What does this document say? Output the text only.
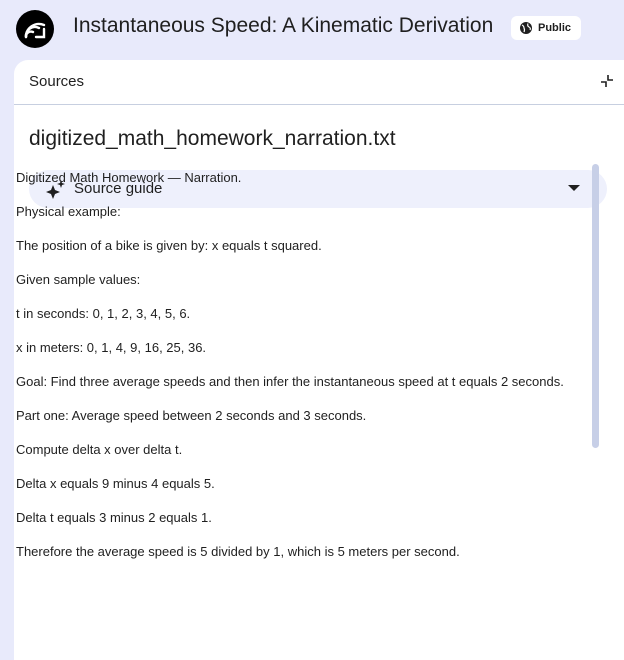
Instantaneous Speed: A Kinematic Derivation	Public
Sources
digitized_math_homework_narration.txt
Source guide

Digitized Math Homework — Narration.

Physical example:

The position of a bike is given by: x equals t squared.

Given sample values:

t in seconds: 0, 1, 2, 3, 4, 5, 6.

x in meters: 0, 1, 4, 9, 16, 25, 36.

Goal: Find three average speeds and then infer the instantaneous speed at t equals 2 seconds.

Part one: Average speed between 2 seconds and 3 seconds.

Compute delta x over delta t.

Delta x equals 9 minus 4 equals 5.

Delta t equals 3 minus 2 equals 1.

Therefore the average speed is 5 divided by 1, which is 5 meters per second.
